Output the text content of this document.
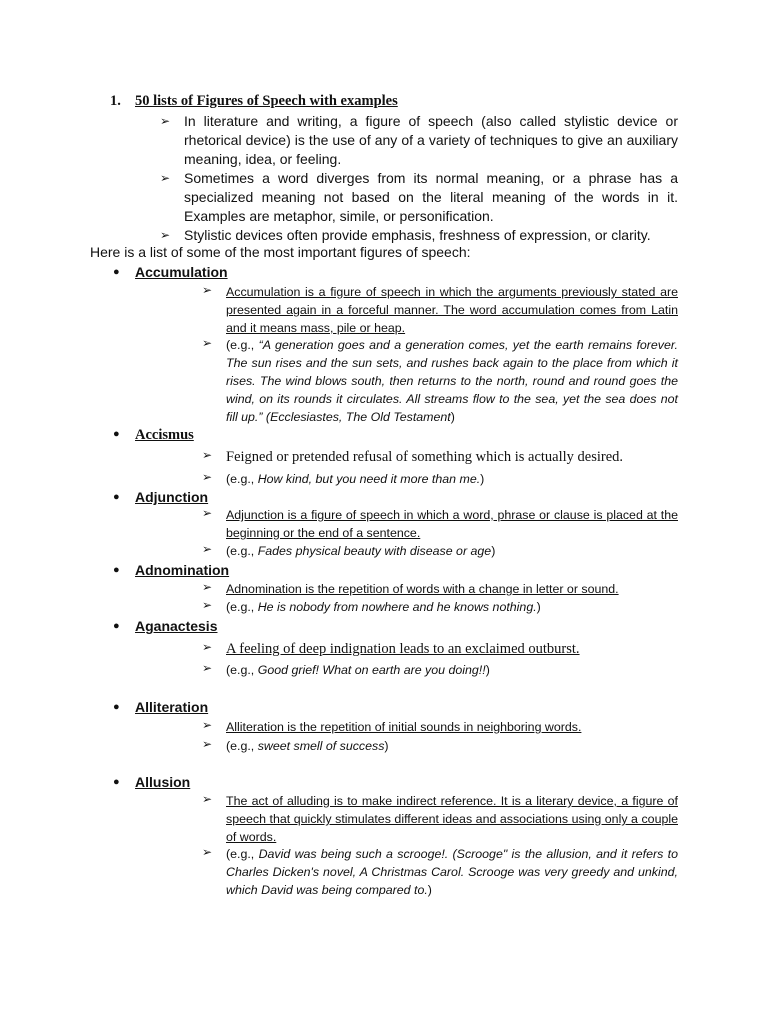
1. 50 lists of Figures of Speech with examples
➢ In literature and writing, a figure of speech (also called stylistic device or rhetorical device) is the use of any of a variety of techniques to give an auxiliary meaning, idea, or feeling.
➢ Sometimes a word diverges from its normal meaning, or a phrase has a specialized meaning not based on the literal meaning of the words in it. Examples are metaphor, simile, or personification.
➢ Stylistic devices often provide emphasis, freshness of expression, or clarity.
Here is a list of some of the most important figures of speech:
● Accumulation
➢	Accumulation is a figure of speech in which the arguments previously stated are presented again in a forceful manner. The word accumulation comes from Latin and it means mass, pile or heap.
➢	(e.g., “A generation goes and a generation comes, yet the earth remains forever. The sun rises and the sun sets, and rushes back again to the place from which it rises. The wind blows south, then returns to the north, round and round goes the wind, on its rounds it circulates. All streams flow to the sea, yet the sea does not fill up.” (Ecclesiastes, The Old Testament)
● Accismus
➢ Feigned or pretended refusal of something which is actually desired.
➢	(e.g., How kind, but you need it more than me.)
● Adjunction
➢	Adjunction is a figure of speech in which a word, phrase or clause is placed at the beginning or the end of a sentence.
➢	(e.g., Fades physical beauty with disease or age)
● Adnomination
➢	Adnomination is the repetition of words with a change in letter or sound.
➢	(e.g., He is nobody from nowhere and he knows nothing.)
● Aganactesis
➢ A feeling of deep indignation leads to an exclaimed outburst.
➢	(e.g., Good grief! What on earth are you doing!!)
● Alliteration
➢	Alliteration is the repetition of initial sounds in neighboring words.
➢	(e.g., sweet smell of success)
● Allusion
➢	The act of alluding is to make indirect reference. It is a literary device, a figure of speech that quickly stimulates different ideas and associations using only a couple of words.
➢	(e.g., David was being such a scrooge!. (Scrooge" is the allusion, and it refers to Charles Dicken's novel, A Christmas Carol. Scrooge was very greedy and unkind, which David was being compared to.)
